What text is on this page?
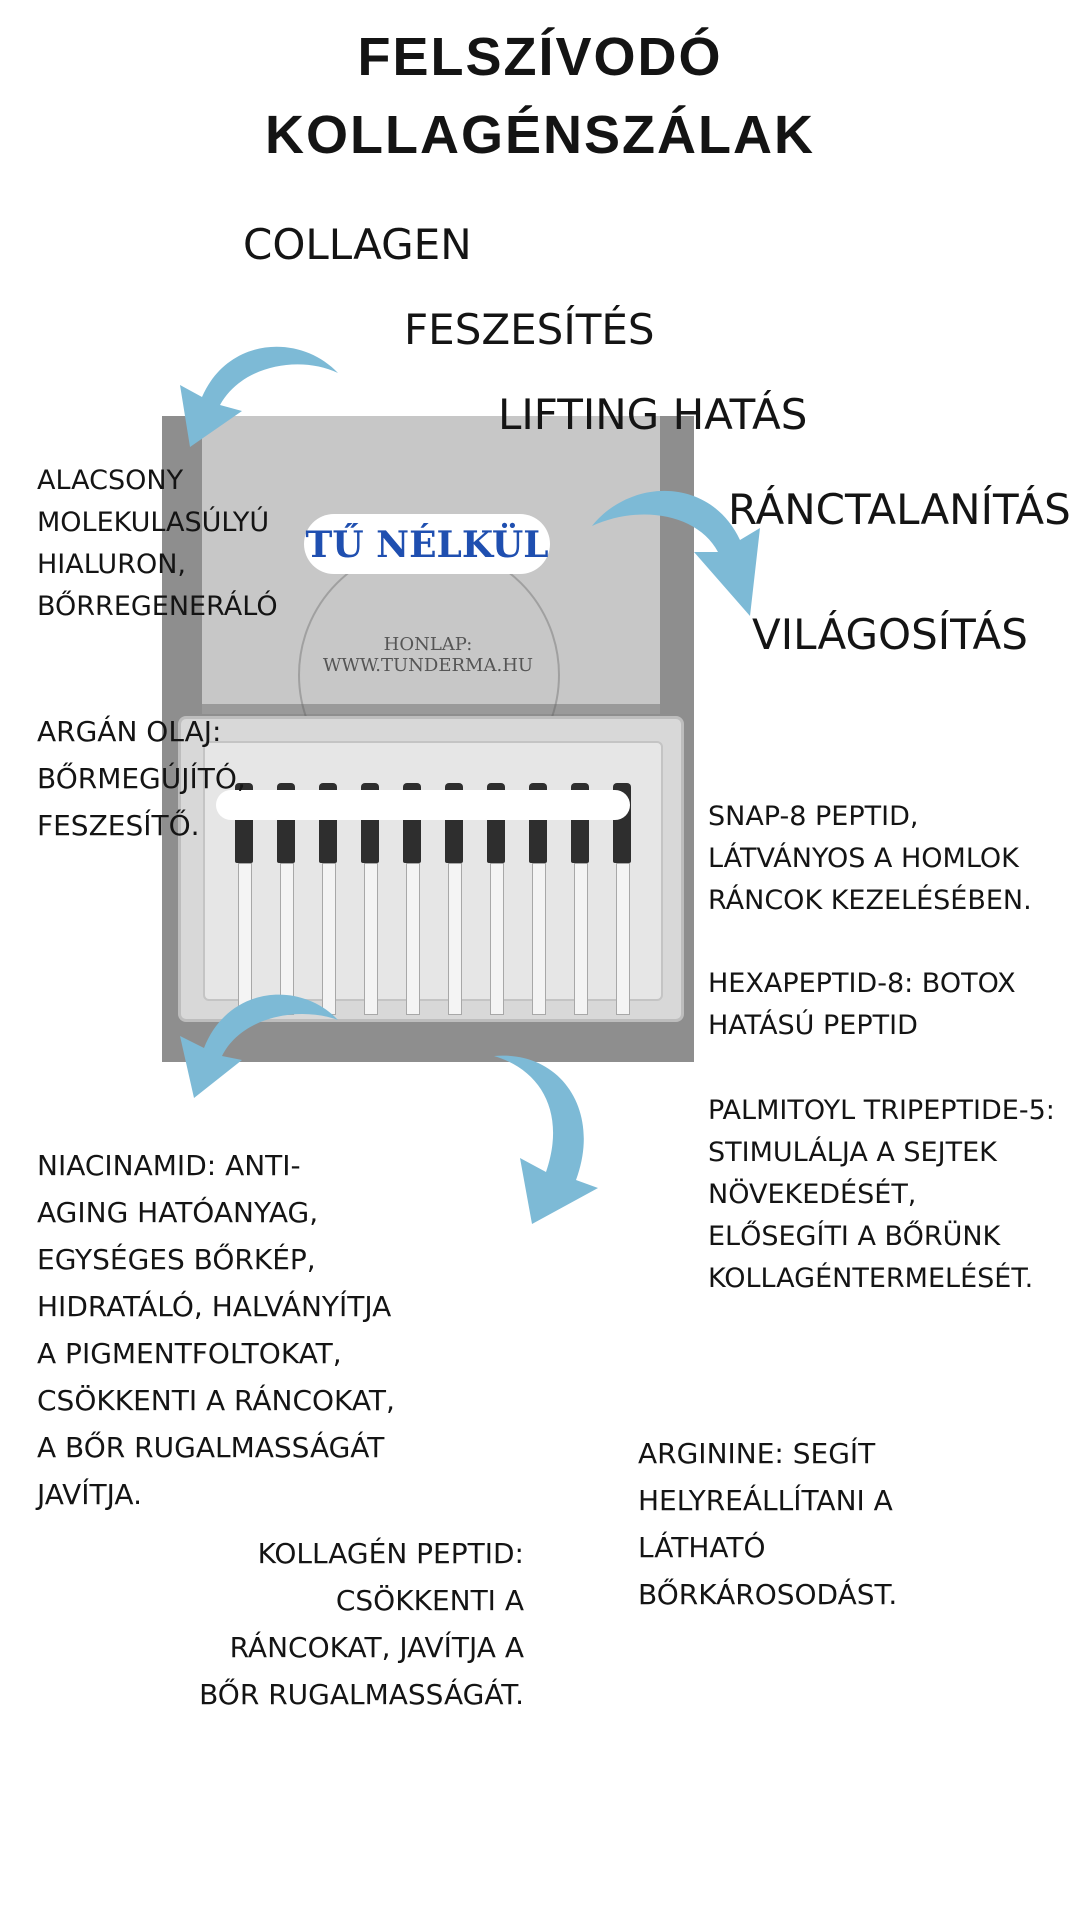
FELSZÍVODÓ
KOLLAGÉNSZÁLAK
TŰ NÉLKÜL
HONLAP:
WWW.TUNDERMA.HU
COLLAGEN
FESZESÍTÉS
LIFTING HATÁS
RÁNCTALANÍTÁS
VILÁGOSÍTÁS
ALACSONY
MOLEKULASÚLYÚ
HIALURON,
BŐRREGENERÁLÓ
ARGÁN OLAJ:
BŐRMEGÚJÍTÓ,
FESZESÍTŐ.	SNAP-8 PEPTID,
LÁTVÁNYOS A HOMLOK
RÁNCOK KEZELÉSÉBEN.
HEXAPEPTID-8: BOTOX
HATÁSÚ PEPTID
PALMITOYL TRIPEPTIDE-5:
STIMULÁLJA A SEJTEK
NÖVEKEDÉSÉT,
ELŐSEGÍTI A BŐRÜNK
KOLLAGÉNTERMELÉSÉT.
NIACINAMID: ANTI-
AGING HATÓANYAG,
EGYSÉGES BŐRKÉP,
HIDRATÁLÓ, HALVÁNYÍTJA
A PIGMENTFOLTOKAT,
CSÖKKENTI A RÁNCOKAT,
A BŐR RUGALMASSÁGÁT
JAVÍTJA.
ARGININE: SEGÍT
HELYREÁLLÍTANI A
LÁTHATÓ
BŐRKÁROSODÁST.
KOLLAGÉN PEPTID:
CSÖKKENTI A
RÁNCOKAT, JAVÍTJA A
BŐR RUGALMASSÁGÁT.
